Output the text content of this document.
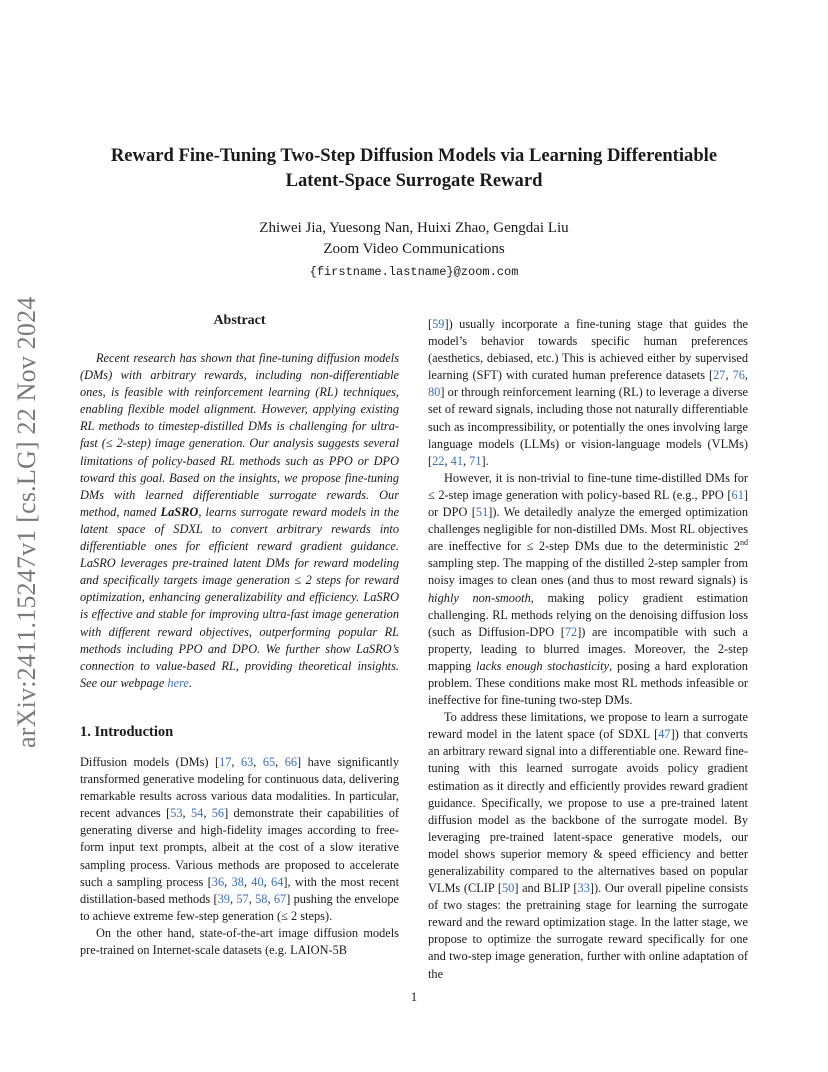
arXiv:2411.15247v1 [cs.LG] 22 Nov 2024
Reward Fine-Tuning Two-Step Diffusion Models via Learning Differentiable
Latent-Space Surrogate Reward
Zhiwei Jia, Yuesong Nan, Huixi Zhao, Gengdai Liu
Zoom Video Communications
{firstname.lastname}@zoom.com
Abstract

Recent research has shown that fine-tuning diffusion models (DMs) with arbitrary rewards, including non-differentiable ones, is feasible with reinforcement learning (RL) techniques, enabling flexible model alignment. However, applying existing RL methods to timestep-distilled DMs is challenging for ultra-fast (≤ 2-step) image generation. Our analysis suggests several limitations of policy-based RL methods such as PPO or DPO toward this goal. Based on the insights, we propose fine-tuning DMs with learned differentiable surrogate rewards. Our method, named LaSRO, learns surrogate reward models in the latent space of SDXL to convert arbitrary rewards into differentiable ones for efficient reward gradient guidance. LaSRO leverages pre-trained latent DMs for reward modeling and specifically targets image generation ≤ 2 steps for reward optimization, enhancing generalizability and efficiency. LaSRO is effective and stable for improving ultra-fast image generation with different reward objectives, outperforming popular RL methods including PPO and DPO. We further show LaSRO’s connection to value-based RL, providing theoretical insights. See our webpage here.

1. Introduction

Diffusion models (DMs) [17, 63, 65, 66] have significantly transformed generative modeling for continuous data, delivering remarkable results across various data modalities. In particular, recent advances [53, 54, 56] demonstrate their capabilities of generating diverse and high-fidelity images according to free-form input text prompts, albeit at the cost of a slow iterative sampling process. Various methods are proposed to accelerate such a sampling process [36, 38, 40, 64], with the most recent distillation-based methods [39, 57, 58, 67] pushing the envelope to achieve extreme few-step generation (≤ 2 steps).

On the other hand, state-of-the-art image diffusion models pre-trained on Internet-scale datasets (e.g. LAION-5B

[59]) usually incorporate a fine-tuning stage that guides the model’s behavior towards specific human preferences (aesthetics, debiased, etc.) This is achieved either by supervised learning (SFT) with curated human preference datasets [27, 76, 80] or through reinforcement learning (RL) to leverage a diverse set of reward signals, including those not naturally differentiable such as incompressibility, or potentially the ones involving large language models (LLMs) or vision-language models (VLMs) [22, 41, 71].

However, it is non-trivial to fine-tune time-distilled DMs for ≤ 2-step image generation with policy-based RL (e.g., PPO [61] or DPO [51]). We detailedly analyze the emerged optimization challenges negligible for non-distilled DMs. Most RL objectives are ineffective for ≤ 2-step DMs due to the deterministic 2nd sampling step. The mapping of the distilled 2-step sampler from noisy images to clean ones (and thus to most reward signals) is highly non-smooth, making policy gradient estimation challenging. RL methods relying on the denoising diffusion loss (such as Diffusion-DPO [72]) are incompatible with such a property, leading to blurred images. Moreover, the 2-step mapping lacks enough stochasticity, posing a hard exploration problem. These conditions make most RL methods infeasible or ineffective for fine-tuning two-step DMs.

To address these limitations, we propose to learn a surrogate reward model in the latent space (of SDXL [47]) that converts an arbitrary reward signal into a differentiable one. Reward fine-tuning with this learned surrogate avoids policy gradient estimation as it directly and efficiently provides reward gradient guidance. Specifically, we propose to use a pre-trained latent diffusion model as the backbone of the surrogate model. By leveraging pre-trained latent-space generative models, our model shows superior memory & speed efficiency and better generalizability compared to the alternatives based on popular VLMs (CLIP [50] and BLIP [33]). Our overall pipeline consists of two stages: the pretraining stage for learning the surrogate reward and the reward optimization stage. In the latter stage, we propose to optimize the surrogate reward specifically for one and two-step image generation, further with online adaptation of the

1
